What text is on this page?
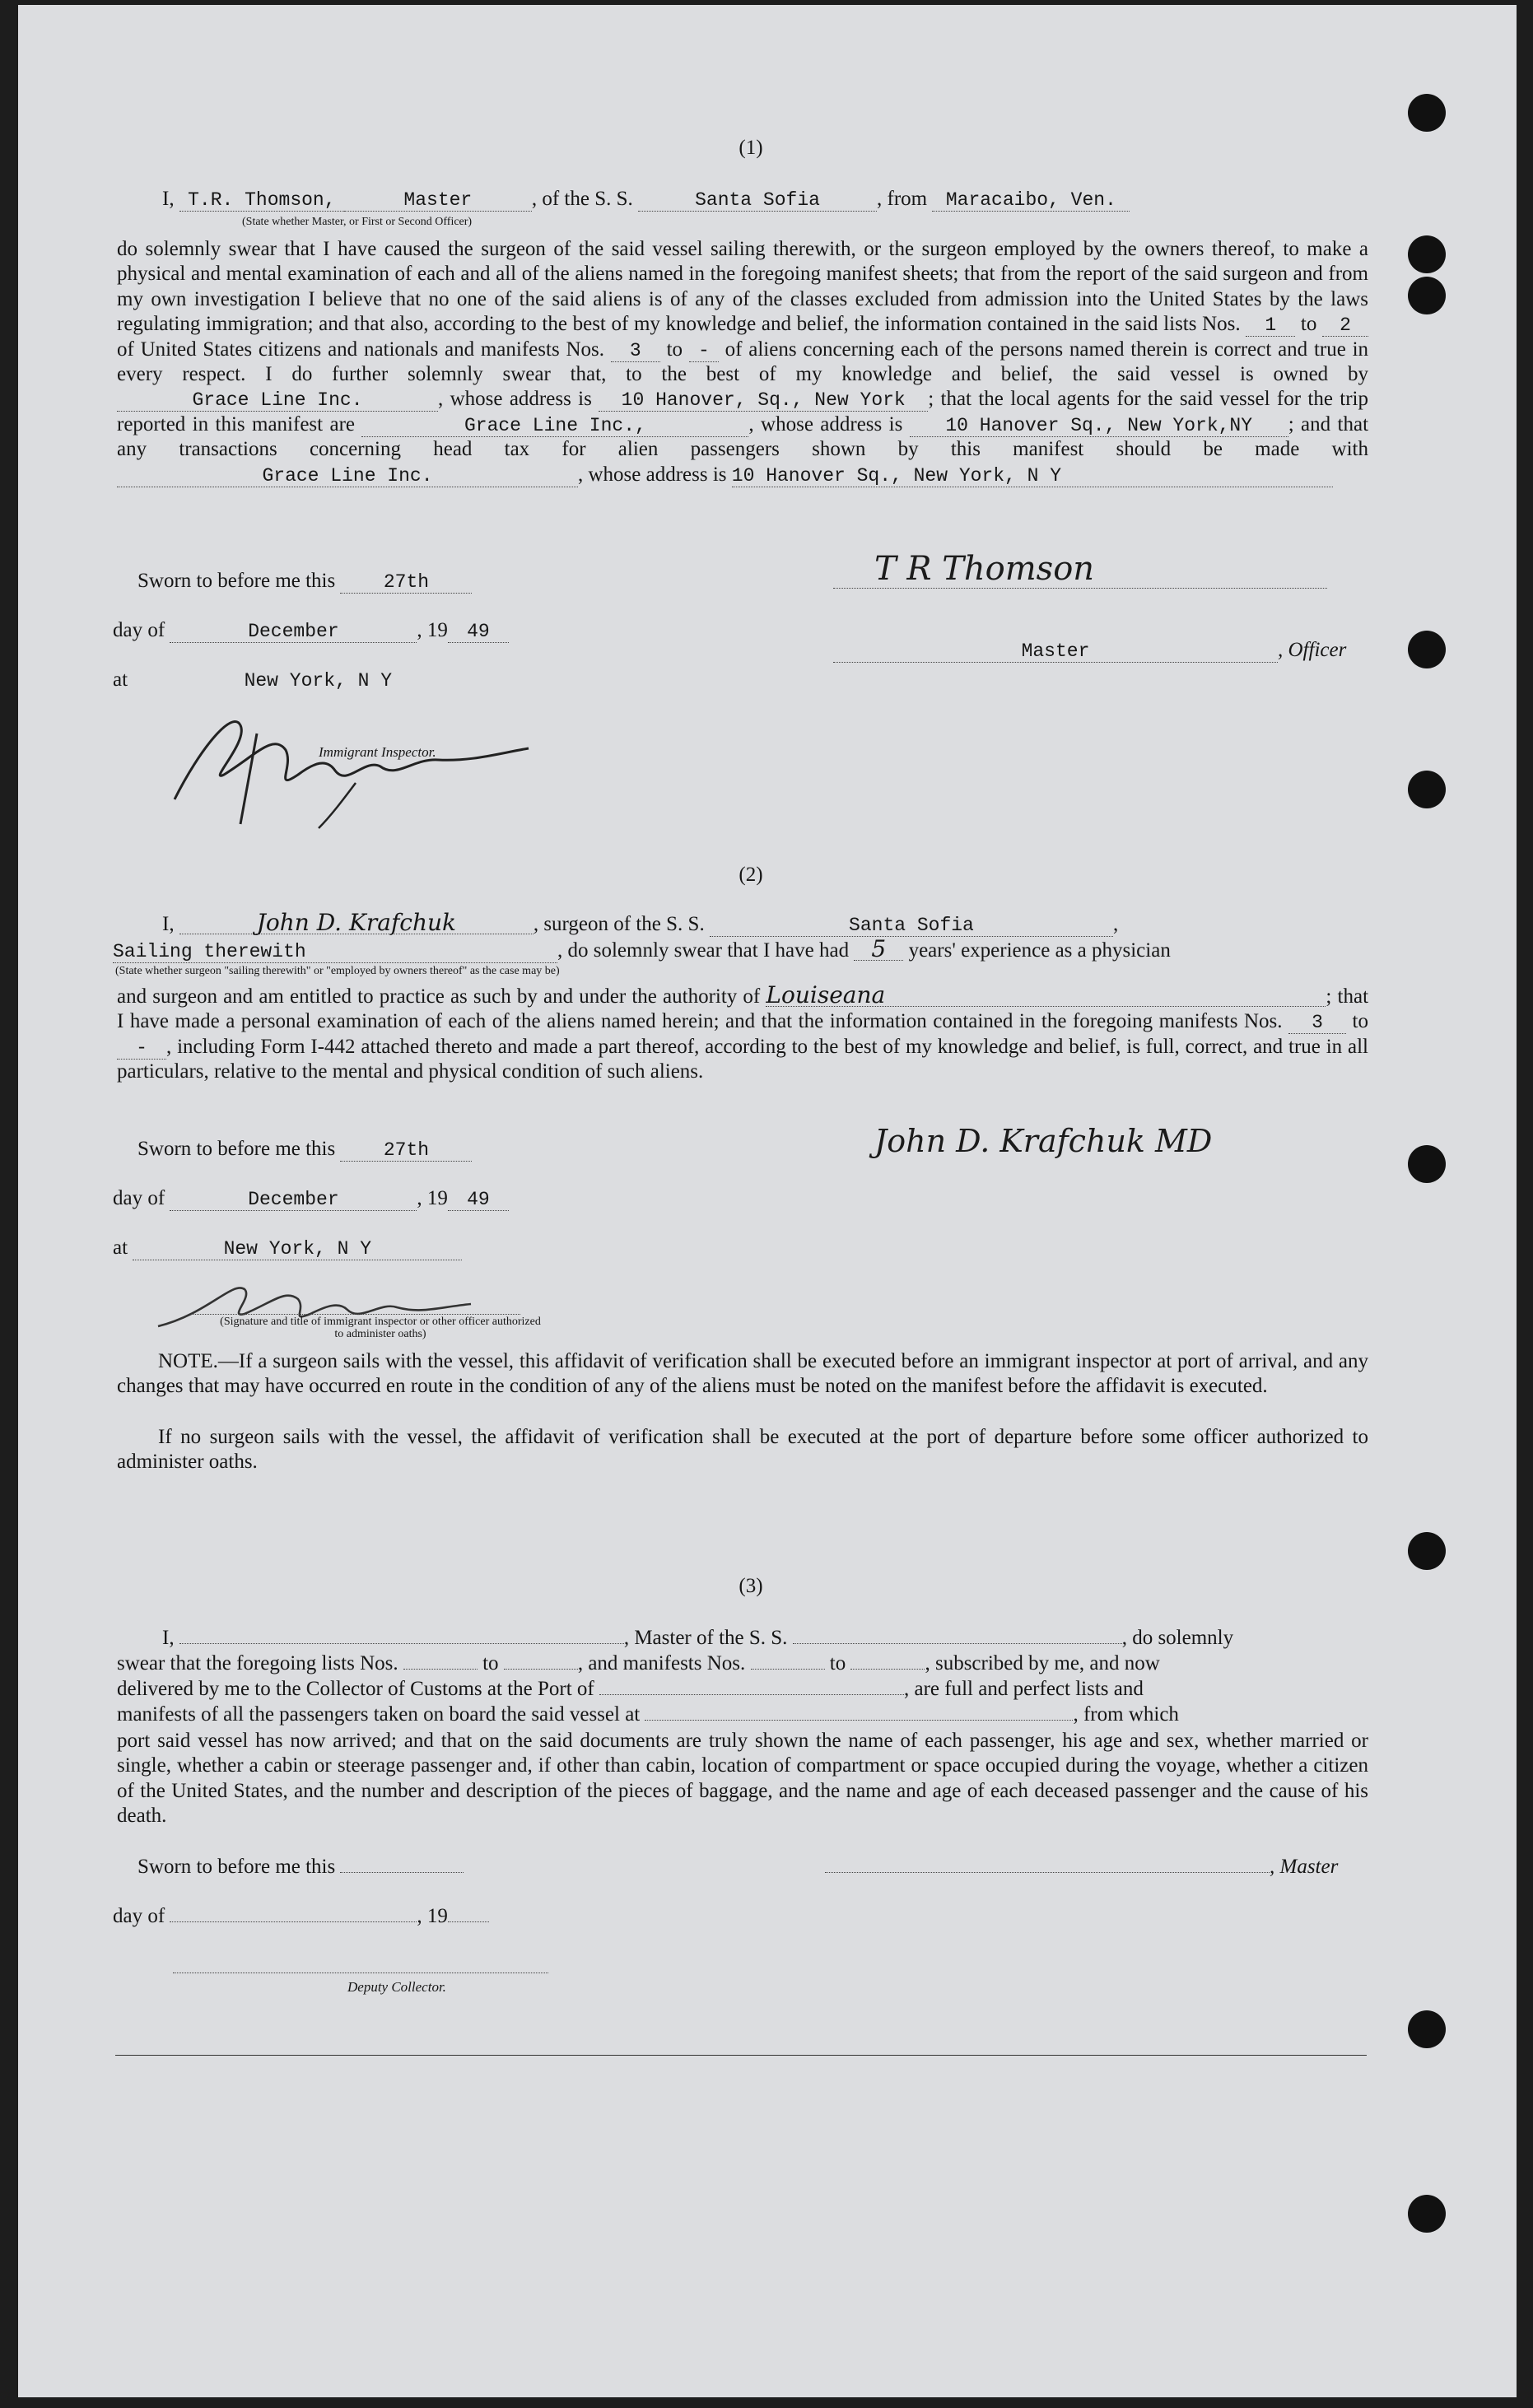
(1)
I, T.R. Thomson,	Master	, of the S. S.	Santa Sofia	, from Maracaibo, Ven.
(State whether Master, or First or Second Officer)

do solemnly swear that I have caused the surgeon of the said vessel sailing therewith, or the surgeon employed by the owners thereof, to make a physical and mental examination of each and all of the aliens named in the foregoing manifest sheets; that from the report of the said surgeon and from my own investigation I believe that no one of the said aliens is of any of the classes excluded from admission into the United States by the laws regulating immigration; and that also, according to the best of my knowledge and belief, the information contained in the said lists Nos. 1 to 2 of United States citizens and nationals and manifests Nos. 3 to - of aliens concerning each of the persons named therein is correct and true in every respect. I do further solemnly swear that, to the best of my knowledge and belief, the said vessel is owned by Grace Line Inc.	, whose address is 10 Hanover, Sq., New York ; that the local agents for the said vessel for the trip reported in this manifest are	Grace Line Inc.,	, whose address is 10 Hanover Sq., New York,NY ; and that any transactions concerning head tax for alien passengers shown by this manifest should be made with Grace Line Inc.	, whose address is 10 Hanover Sq., New York, N Y

Sworn to before me this	27th
day of	December	, 19 49
at	New York, N Y
Immigrant Inspector.
T R Thomson
Master	, Officer
(2)
I,	John D. Krafchuk	, surgeon of the S. S.	Santa Sofia	,
Sailing therewith	, do solemnly swear that I have had 5 years' experience as a physician
(State whether surgeon "sailing therewith" or "employed by owners thereof" as the case may be)

and surgeon and am entitled to practice as such by and under the authority of Louiseana	; that I have made a personal examination of each of the aliens named herein; and that the information contained in the foregoing manifests Nos. 3 to - , including Form I-442 attached thereto and made a part thereof, according to the best of my knowledge and belief, is full, correct, and true in all particulars, relative to the mental and physical condition of such aliens.

Sworn to before me this	27th
day of	December	, 19 49
at	New York, N Y
(Signature and title of immigrant inspector or other officer authorized to administer oaths)
John D. Krafchuk MD

NOTE.—If a surgeon sails with the vessel, this affidavit of verification shall be executed before an immigrant inspector at port of arrival, and any changes that may have occurred en route in the condition of any of the aliens must be noted on the manifest before the affidavit is executed.

If no surgeon sails with the vessel, the affidavit of verification shall be executed at the port of departure before some officer authorized to administer oaths.

(3)
I,	, Master of the S. S.	, do solemnly
swear that the foregoing lists Nos.	to	, and manifests Nos.	to	, subscribed by me, and now
delivered by me to the Collector of Customs at the Port of	, are full and perfect lists and
manifests of all the passengers taken on board the said vessel at	, from which

port said vessel has now arrived; and that on the said documents are truly shown the name of each passenger, his age and sex, whether married or single, whether a cabin or steerage passenger and, if other than cabin, location of compartment or space occupied during the voyage, whether a citizen of the United States, and the number and description of the pieces of baggage, and the name and age of each deceased passenger and the cause of his death.

Sworn to before me this	, Master
day of	, 19
Deputy Collector.
